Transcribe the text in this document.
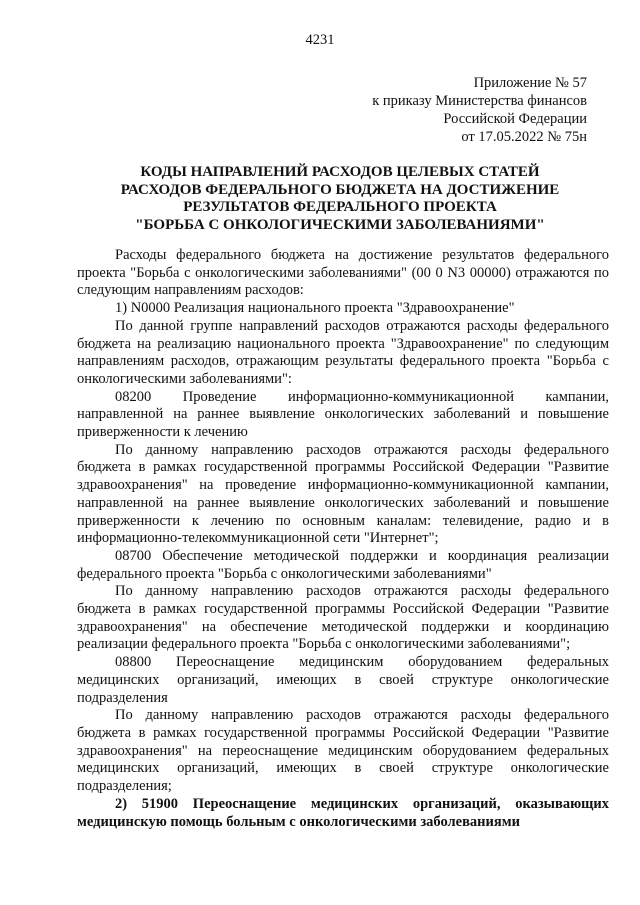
4231
Приложение № 57
к приказу Министерства финансов
Российской Федерации
от 17.05.2022 № 75н
КОДЫ НАПРАВЛЕНИЙ РАСХОДОВ ЦЕЛЕВЫХ СТАТЕЙ
РАСХОДОВ ФЕДЕРАЛЬНОГО БЮДЖЕТА НА ДОСТИЖЕНИЕ
РЕЗУЛЬТАТОВ ФЕДЕРАЛЬНОГО ПРОЕКТА
"БОРЬБА С ОНКОЛОГИЧЕСКИМИ ЗАБОЛЕВАНИЯМИ"

Расходы федерального бюджета на достижение результатов федерального проекта "Борьба с онкологическими заболеваниями" (00 0 N3 00000) отражаются по следующим направлениям расходов:

1) N0000 Реализация национального проекта "Здравоохранение"

По данной группе направлений расходов отражаются расходы федерального бюджета на реализацию национального проекта "Здравоохранение" по следующим направлениям расходов, отражающим результаты федерального проекта "Борьба с онкологическими заболеваниями":

08200 Проведение информационно-коммуникационной кампании, направленной на раннее выявление онкологических заболеваний и повышение приверженности к лечению

По данному направлению расходов отражаются расходы федерального бюджета в рамках государственной программы Российской Федерации "Развитие здравоохранения" на проведение информационно-коммуникационной кампании, направленной на раннее выявление онкологических заболеваний и повышение приверженности к лечению по основным каналам: телевидение, радио и в информационно-телекоммуникационной сети "Интернет";

08700 Обеспечение методической поддержки и координация реализации федерального проекта "Борьба с онкологическими заболеваниями"

По данному направлению расходов отражаются расходы федерального бюджета в рамках государственной программы Российской Федерации "Развитие здравоохранения" на обеспечение методической поддержки и координацию реализации федерального проекта "Борьба с онкологическими заболеваниями";

08800 Переоснащение медицинским оборудованием федеральных медицинских организаций, имеющих в своей структуре онкологические подразделения

По данному направлению расходов отражаются расходы федерального бюджета в рамках государственной программы Российской Федерации "Развитие здравоохранения" на переоснащение медицинским оборудованием федеральных медицинских организаций, имеющих в своей структуре онкологические подразделения;

2) 51900 Переоснащение медицинских организаций, оказывающих медицинскую помощь больным с онкологическими заболеваниями
